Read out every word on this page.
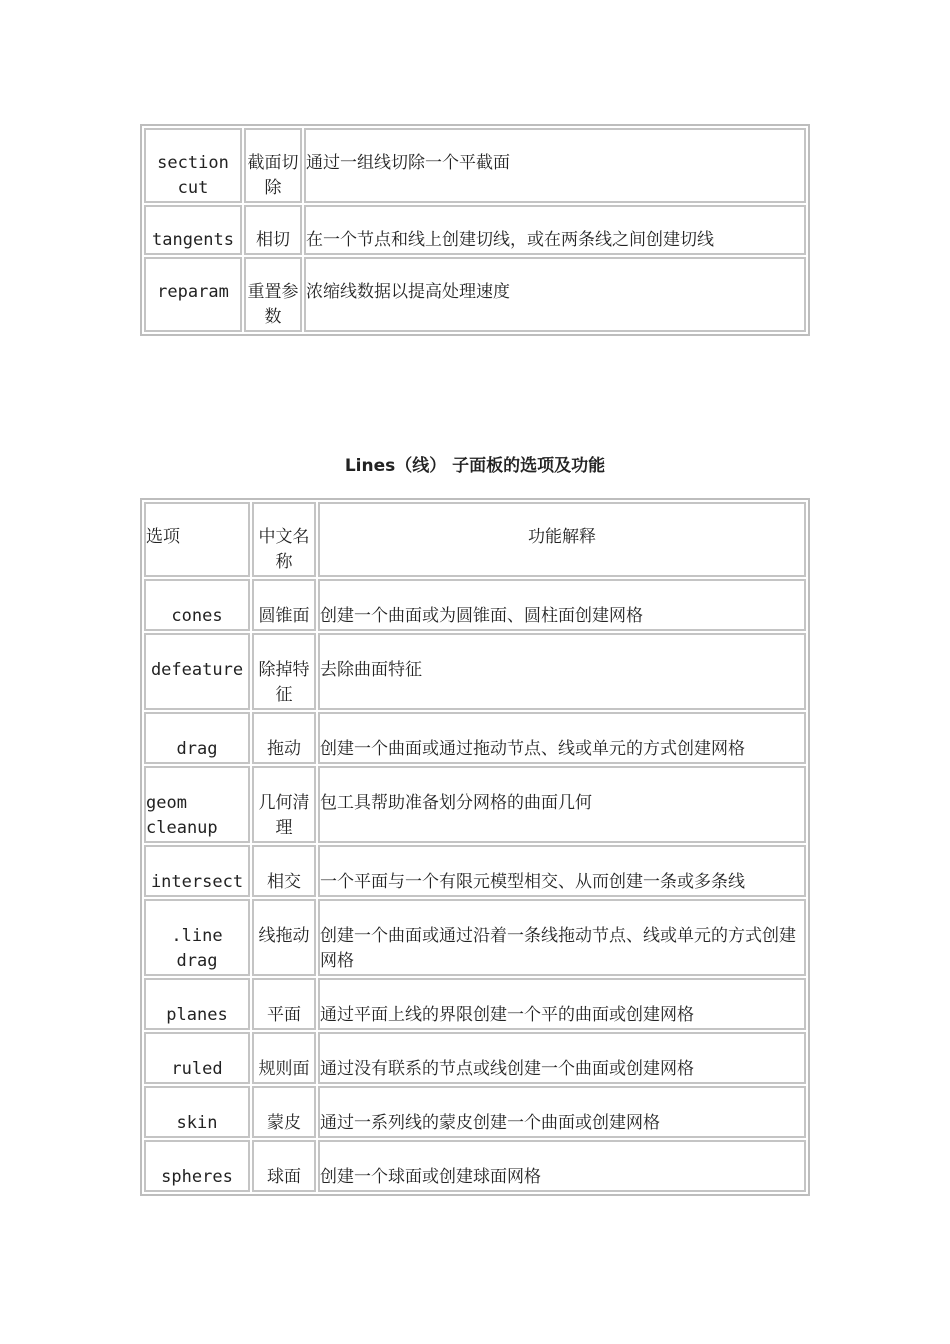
section cut	截面切除	通过一组线切除一个平截面
tangents	相切	在一个节点和线上创建切线，或在两条线之间创建切线
reparam	重置参数	浓缩线数据以提高处理速度
Lines（线） 子面板的选项及功能
选项	中文名称	功能解释
cones	圆锥面	创建一个曲面或为圆锥面、圆柱面创建网格
defeature	除掉特征	去除曲面特征
drag	拖动	创建一个曲面或通过拖动节点、线或单元的方式创建网格
geom cleanup	几何清理	包工具帮助准备划分网格的曲面几何
intersect	相交	一个平面与一个有限元模型相交、从而创建一条或多条线
.line drag	线拖动	创建一个曲面或通过沿着一条线拖动节点、线或单元的方式创建网格
planes	平面	通过平面上线的界限创建一个平的曲面或创建网格
ruled	规则面	通过没有联系的节点或线创建一个曲面或创建网格
skin	蒙皮	通过一系列线的蒙皮创建一个曲面或创建网格
spheres	球面	创建一个球面或创建球面网格
